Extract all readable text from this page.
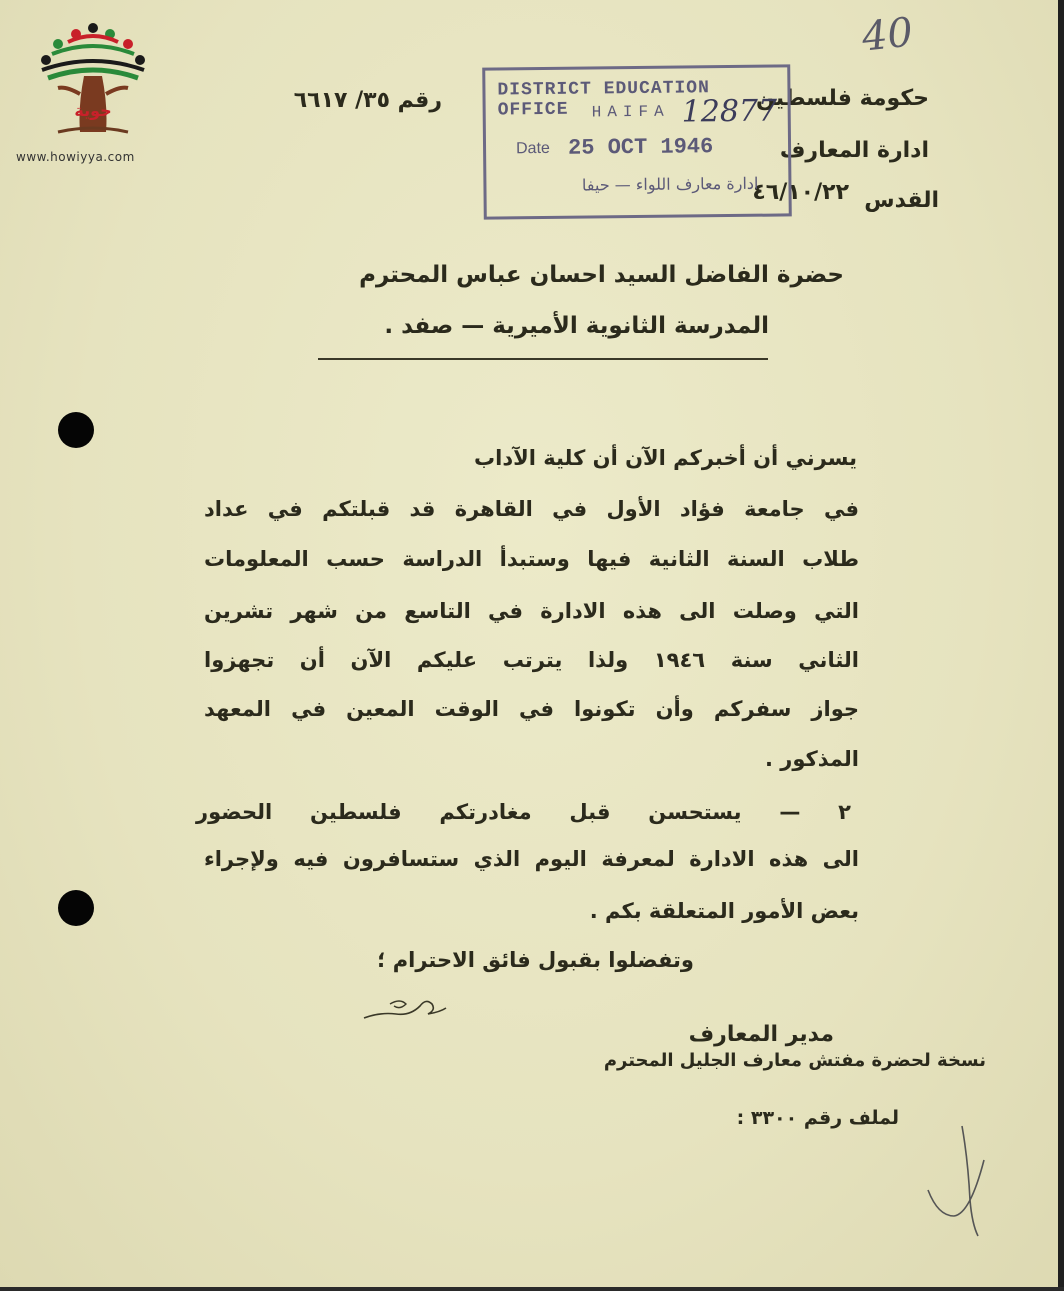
حوية
www.howiyya.com
40
حكومة فلسطين
ادارة المعارف
القدس
رقم ٣٥/ ٦٦١٧
٤٦/١٠/٢٢
DISTRICT EDUCATION OFFICE	HAIFA
Date 25 OCT 1946
ادارة معارف اللواء — حيفا
12877
حضرة الفاضل السيد احسان عباس المحترم
المدرسة الثانوية الأميرية — صفد .
يسرني أن أخبركم الآن أن كلية الآداب
في جامعة فؤاد الأول في القاهرة قد قبلتكم في عداد
طلاب السنة الثانية فيها وستبدأ الدراسة حسب المعلومات
التي وصلت الى هذه الادارة في التاسع من شهر تشرين
الثاني سنة ١٩٤٦ ولذا يترتب عليكم الآن أن تجهزوا
جواز سفركم وأن تكونوا في الوقت المعين في المعهد
المذكور .
٢ — يستحسن قبل مغادرتكم فلسطين الحضور
الى هذه الادارة لمعرفة اليوم الذي ستسافرون فيه ولإجراء
بعض الأمور المتعلقة بكم .
وتفضلوا بقبول فائق الاحترام ؛
مدير المعارف
نسخة لحضرة مفتش معارف الجليل المحترم
لملف رقم ٣٣٠٠ :
